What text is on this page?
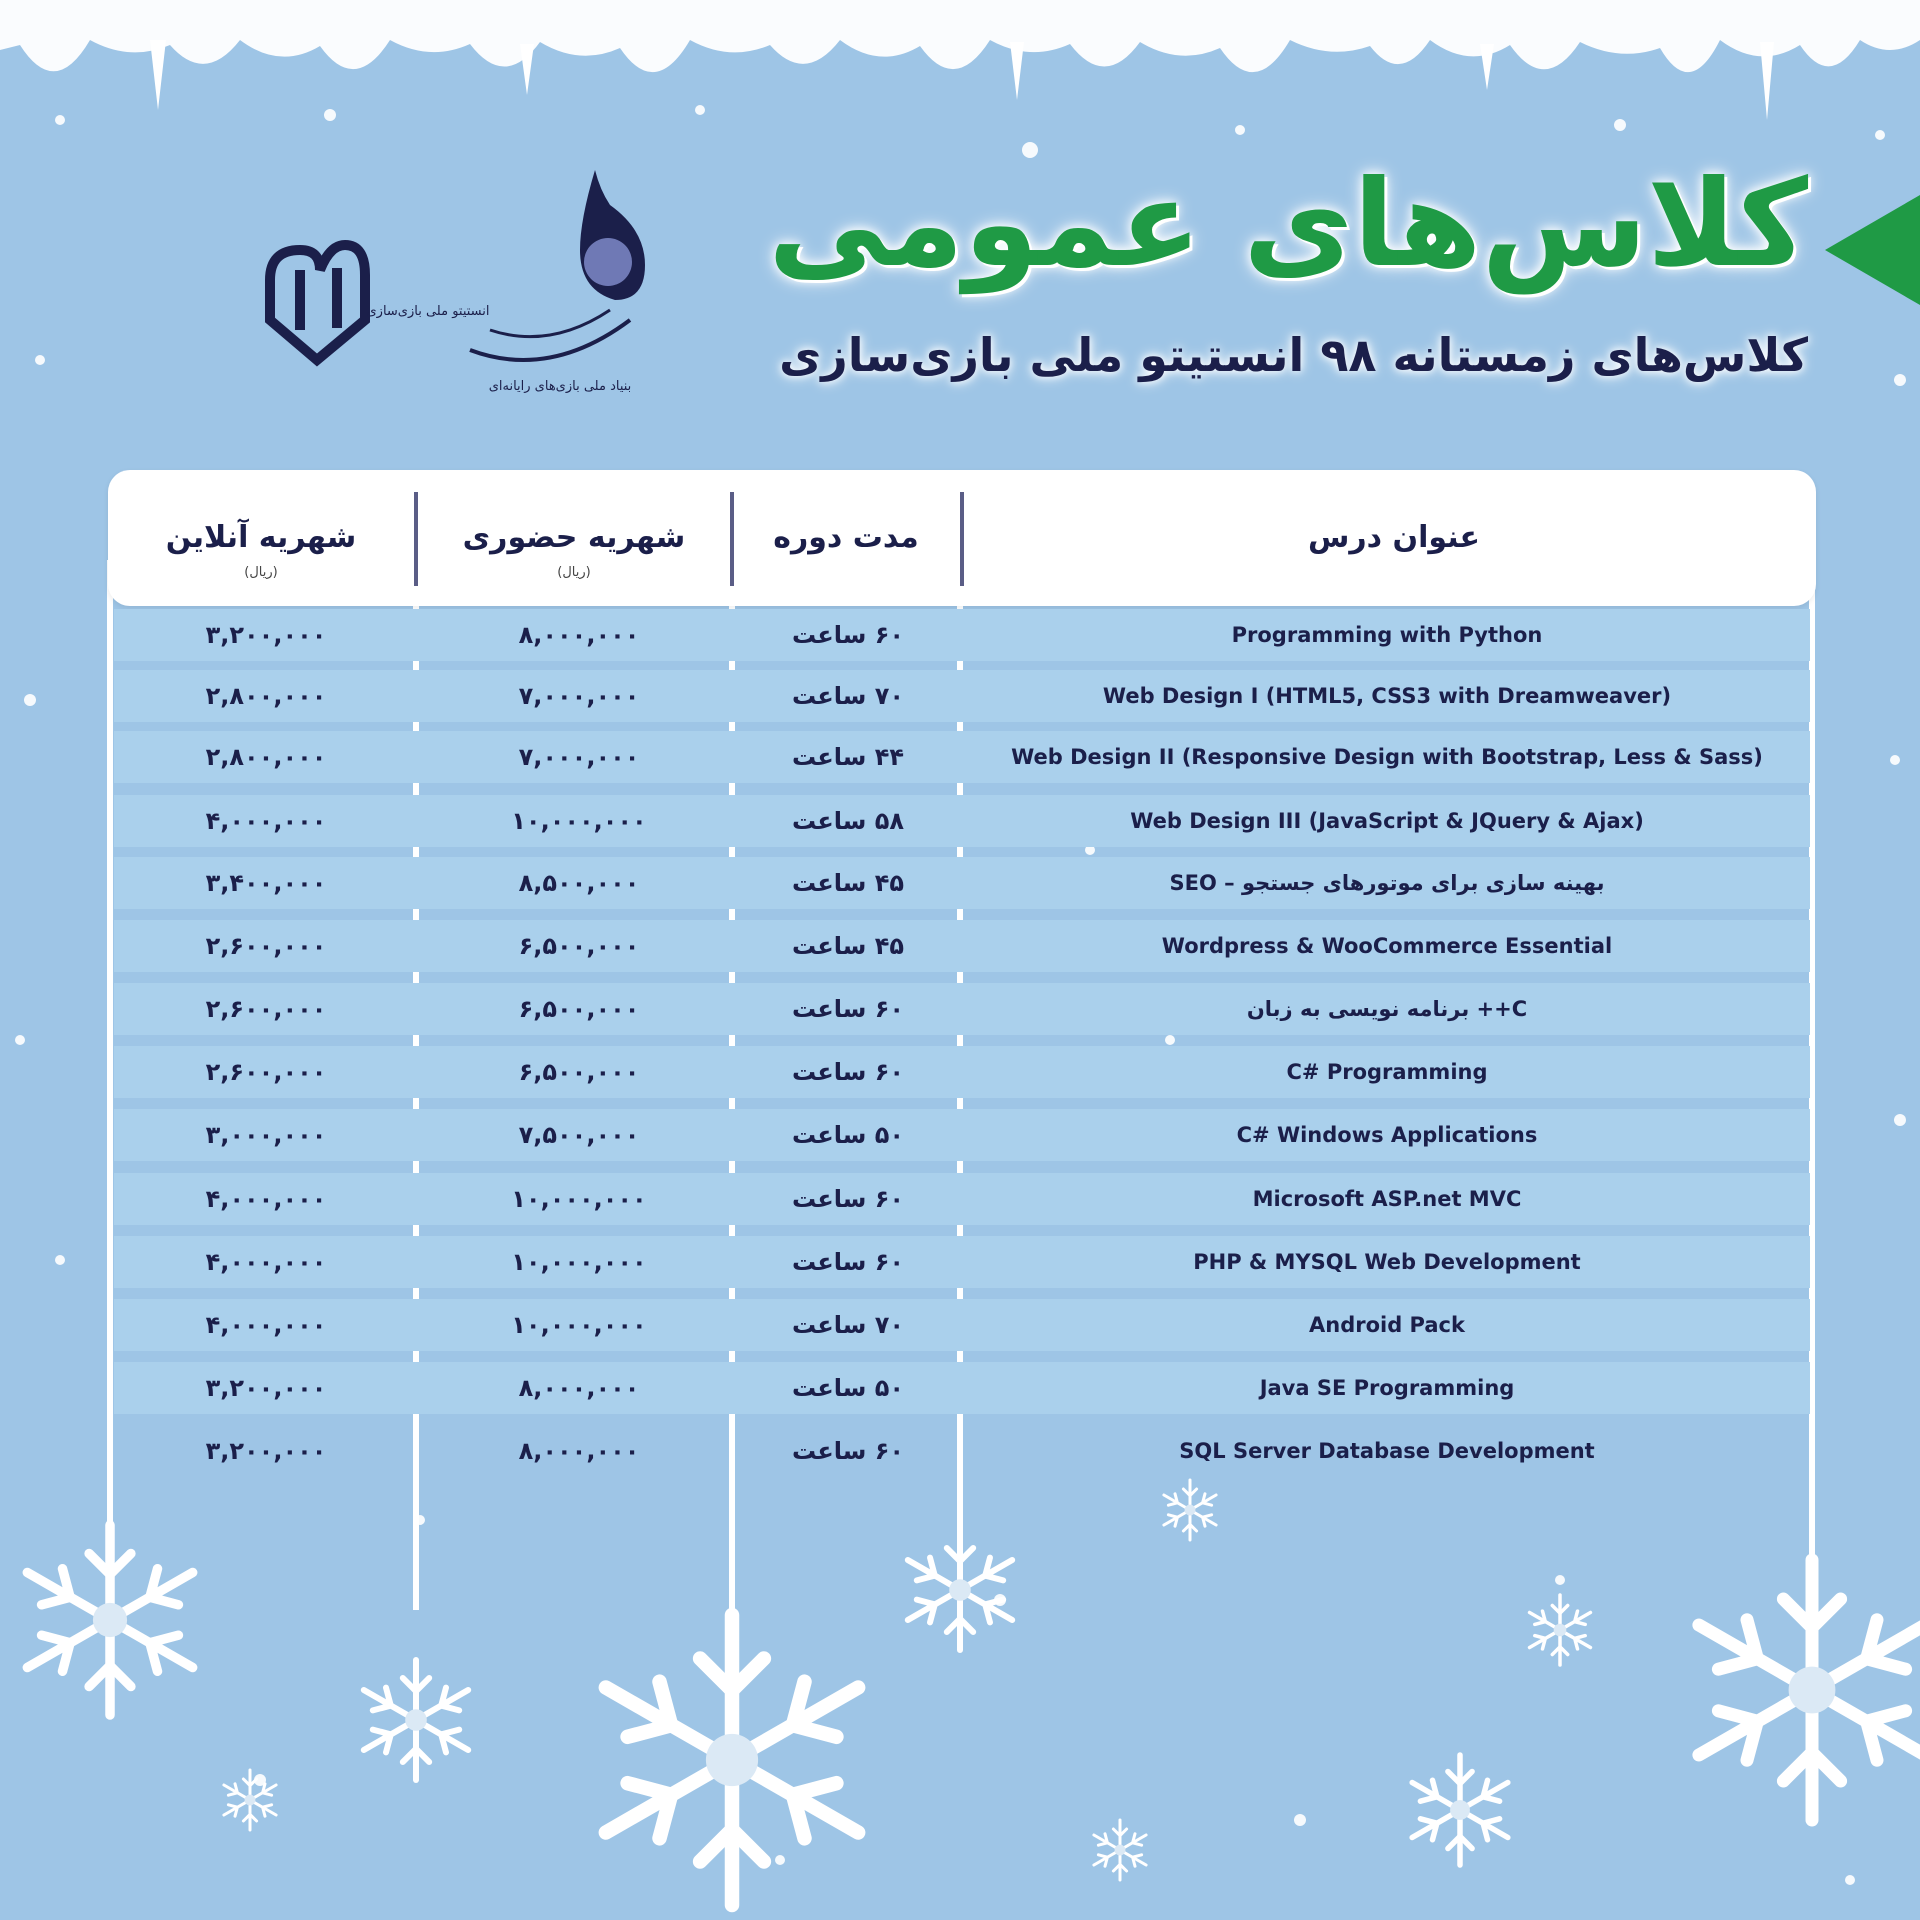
انستیتو ملی بازی‌سازی
بنیاد ملی بازی‌های رایانه‌ای
کلاس‌های عمومی
کلاس‌های زمستانه ۹۸ انستیتو ملی بازی‌سازی
عنوان درس
مدت دوره
شهریه حضوری
(ریال)
شهریه آنلاین
(ریال)
Programming with Python
۶۰ ساعت
۸,۰۰۰,۰۰۰
۳,۲۰۰,۰۰۰
Web Design I (HTML5, CSS3 with Dreamweaver)
۷۰ ساعت
۷,۰۰۰,۰۰۰
۲,۸۰۰,۰۰۰
Web Design II (Responsive Design with Bootstrap, Less & Sass)
۴۴ ساعت
۷,۰۰۰,۰۰۰
۲,۸۰۰,۰۰۰
Web Design III (JavaScript & JQuery & Ajax)
۵۸ ساعت
۱۰,۰۰۰,۰۰۰
۴,۰۰۰,۰۰۰
SEO – بهینه سازی برای موتورهای جستجو
۴۵ ساعت
۸,۵۰۰,۰۰۰
۳,۴۰۰,۰۰۰
Wordpress & WooCommerce Essential
۴۵ ساعت
۶,۵۰۰,۰۰۰
۲,۶۰۰,۰۰۰
برنامه نویسی به زبان ++C
۶۰ ساعت
۶,۵۰۰,۰۰۰
۲,۶۰۰,۰۰۰
C# Programming
۶۰ ساعت
۶,۵۰۰,۰۰۰
۲,۶۰۰,۰۰۰
C# Windows Applications
۵۰ ساعت
۷,۵۰۰,۰۰۰
۳,۰۰۰,۰۰۰
Microsoft ASP.net MVC
۶۰ ساعت
۱۰,۰۰۰,۰۰۰
۴,۰۰۰,۰۰۰
PHP & MYSQL Web Development
۶۰ ساعت
۱۰,۰۰۰,۰۰۰
۴,۰۰۰,۰۰۰
Android Pack
۷۰ ساعت
۱۰,۰۰۰,۰۰۰
۴,۰۰۰,۰۰۰
Java SE Programming
۵۰ ساعت
۸,۰۰۰,۰۰۰
۳,۲۰۰,۰۰۰
SQL Server Database Development
۶۰ ساعت
۸,۰۰۰,۰۰۰
۳,۲۰۰,۰۰۰
